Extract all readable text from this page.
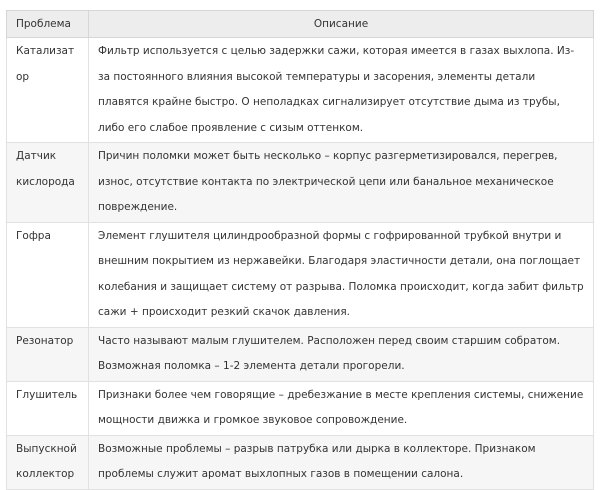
Проблема	Описание
Катализатор	Фильтр используется с целью задержки сажи, которая имеется в газах выхлопа. Из-за постоянного влияния высокой температуры и засорения, элементы детали плавятся крайне быстро. О неполадках сигнализирует отсутствие дыма из трубы, либо его слабое проявление с сизым оттенком.
Датчик кислорода	Причин поломки может быть несколько – корпус разгерметизировался, перегрев, износ, отсутствие контакта по электрической цепи или банальное механическое повреждение.
Гофра	Элемент глушителя цилиндрообразной формы с гофрированной трубкой внутри и внешним покрытием из нержавейки. Благодаря эластичности детали, она поглощает колебания и защищает систему от разрыва. Поломка происходит, когда забит фильтр сажи + происходит резкий скачок давления.
Резонатор	Часто называют малым глушителем. Расположен перед своим старшим собратом. Возможная поломка – 1-2 элемента детали прогорели.
Глушитель	Признаки более чем говорящие – дребезжание в месте крепления системы, снижение мощности движка и громкое звуковое сопровождение.
Выпускной коллектор	Возможные проблемы – разрыв патрубка или дырка в коллекторе. Признаком проблемы служит аромат выхлопных газов в помещении салона.
